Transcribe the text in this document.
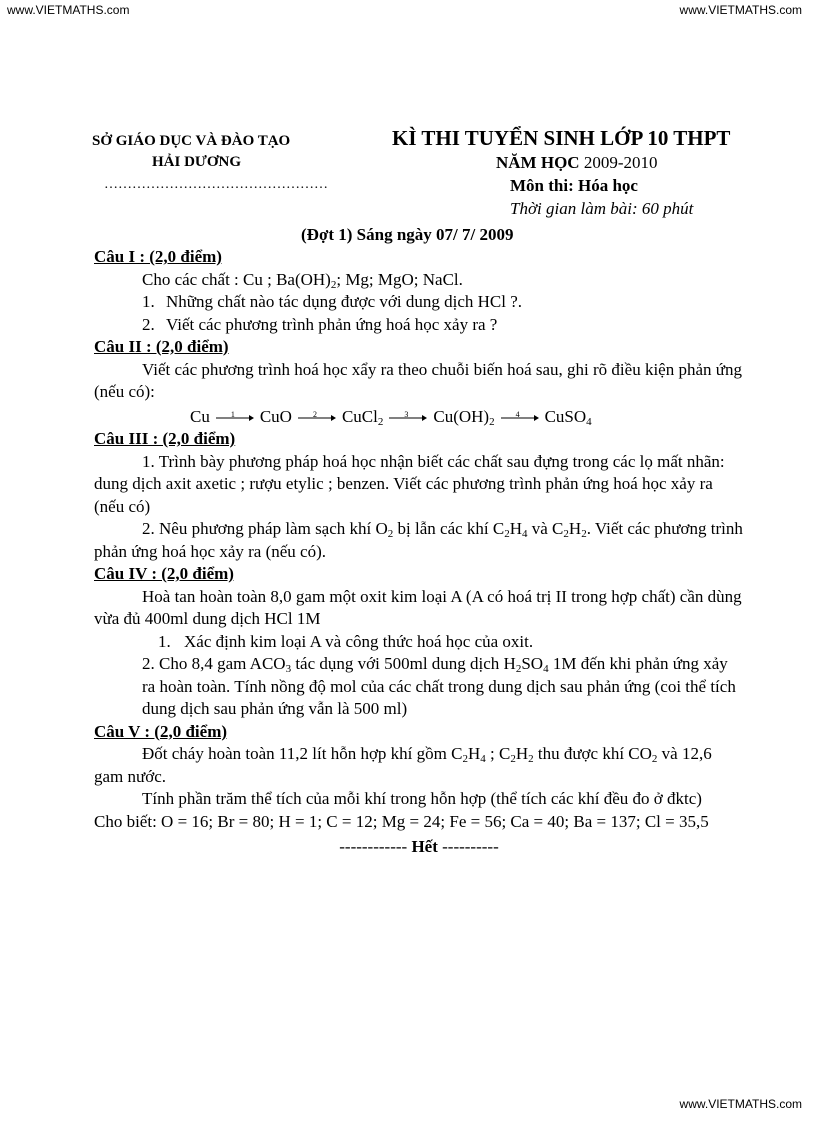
www.VIETMATHS.com	www.VIETMATHS.com
www.VIETMATHS.com
SỞ GIÁO DỤC VÀ ĐÀO TẠO
HẢI DƯƠNG
…………………………………………
KÌ THI TUYỂN SINH LỚP 10 THPT
NĂM HỌC 2009-2010
Môn thi: Hóa học
Thời gian làm bài: 60 phút
(Đợt 1) Sáng ngày 07/ 7/ 2009
Câu I : (2,0 điểm)
Cho các chất : Cu ; $Ba(OH)_2$; Mg; MgO; NaCl.
1. Những chất nào tác dụng được với dung dịch HCl ?.
2. Viết các phương trình phản ứng hoá học xảy ra ?
Câu II : (2,0 điểm)
Viết các phương trình hoá học xẩy ra theo chuỗi biến hoá sau, ghi rõ điều kiện phản ứng (nếu có):
Cu	1	CuO	2	CuCl$_2$
3	$Cu(OH)_2$
4	CuSO$_4$
Câu III : (2,0 điểm)
1. Trình bày phương pháp hoá học nhận biết các chất sau đựng trong các lọ mất nhãn: dung dịch axit axetic ; rượu etylic ; benzen. Viết các phương trình phản ứng hoá học xảy ra (nếu có)
2. Nêu phương pháp làm sạch khí $O_2$ bị lẫn các khí $C_2H_4$ và $C_2H_2$. Viết các phương trình phản ứng hoá học xảy ra (nếu có).
Câu IV : (2,0 điểm)
Hoà tan hoàn toàn 8,0 gam một oxit kim loại A (A có hoá trị II trong hợp chất) cần dùng vừa đủ 400ml dung dịch HCl 1M
1. Xác định kim loại A và công thức hoá học của oxit.
2. Cho 8,4 gam $ACO_3$ tác dụng với 500ml dung dịch $H_2SO_4$ 1M đến khi phản ứng xảy ra hoàn toàn. Tính nồng độ mol của các chất trong dung dịch sau phản ứng (coi thể tích dung dịch sau phản ứng vẫn là 500 ml)
Câu V : (2,0 điểm)
Đốt cháy hoàn toàn 11,2 lít hỗn hợp khí gồm $C_2H_4$ ; $C_2H_2$ thu được khí $CO_2$ và 12,6 gam nước.
Tính phần trăm thể tích của mỗi khí trong hỗn hợp (thể tích các khí đều đo ở đktc)
Cho biết: O = 16; Br = 80; H = 1; C = 12; Mg = 24; Fe = 56; Ca = 40; Ba = 137; Cl = 35,5
------------ Hết ----------
